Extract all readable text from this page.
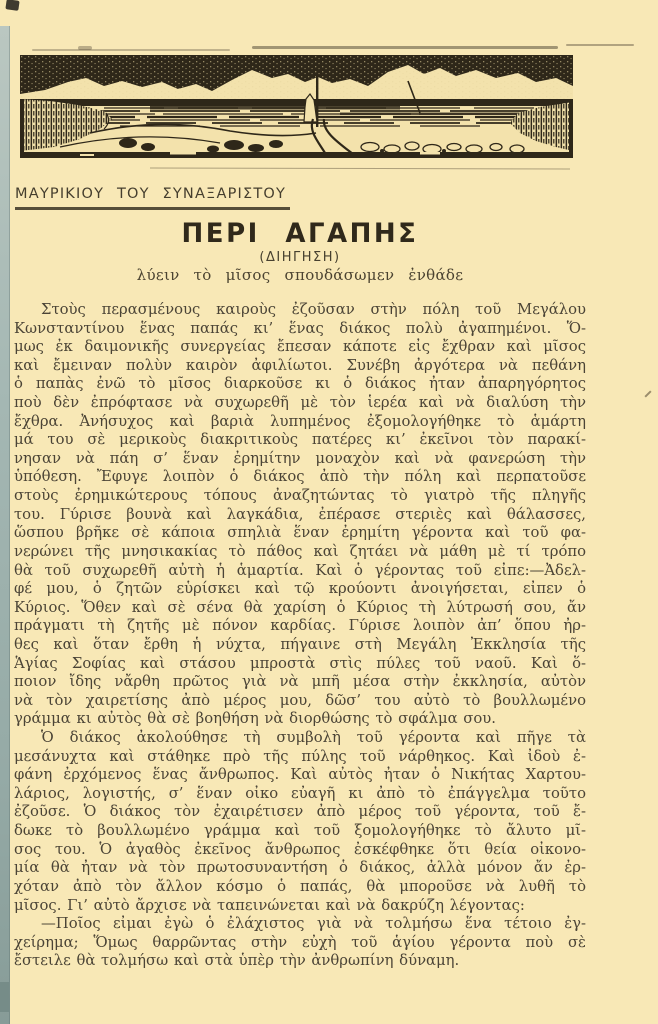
ΜΑΥΡΙΚΙΟΥ ΤΟΥ ΣΥΝΑΞΑΡΙΣΤΟΥ
ΠΕΡΙ ΑΓΑΠΗΣ
(ΔΙΗΓΗΣΗ)
λύειν τὸ μῖσος σπουδάσωμεν ἐνθάδε
Στοὺς περασμένους καιροὺς ἐζοῦσαν στὴν πόλη τοῦ Μεγάλου
Κωνσταντίνου ἕνας παπάς κι’ ἕνας διάκος πολὺ ἀγαπημένοι. Ὅ-
μως ἐκ δαιμονικῆς συνεργείας ἔπεσαν κάποτε εἰς ἔχθραν καὶ μῖσος
καὶ ἔμειναν πολὺν καιρὸν ἀφιλίωτοι. Συνέβη ἀργότερα νὰ πεθάνη
ὁ παπὰς ἐνῶ τὸ μῖσος διαρκοῦσε κι ὁ διάκος ἦταν ἀπαρηγόρητος
ποὺ δὲν ἐπρόφτασε νὰ συχωρεθῆ μὲ τὸν ἱερέα καὶ νὰ διαλύση τὴν
ἔχθρα. Ἀνήσυχος καὶ βαριὰ λυπημένος ἐξομολογήθηκε τὸ ἁμάρτη
μά του σὲ μερικοὺς διακριτικοὺς πατέρες κι’ ἐκεῖνοι τὸν παρακί-
νησαν νὰ πάη σ’ ἕναν ἐρημίτην μοναχὸν καὶ νὰ φανερώση τὴν
ὑπόθεση. Ἔφυγε λοιπὸν ὁ διάκος ἀπὸ τὴν πόλη καὶ περπατοῦσε
στοὺς ἐρημικώτερους τόπους ἀναζητώντας τὸ γιατρὸ τῆς πληγῆς
του. Γύρισε βουνὰ καὶ λαγκάδια, ἐπέρασε στεριὲς καὶ θάλασσες,
ὥσπου βρῆκε σὲ κάποια σπηλιὰ ἕναν ἐρημίτη γέροντα καὶ τοῦ φα-
νερώνει τῆς μνησικακίας τὸ πάθος καὶ ζητάει νὰ μάθη μὲ τί τρόπο
θὰ τοῦ συχωρεθῆ αὐτὴ ἡ ἁμαρτία. Καὶ ὁ γέροντας τοῦ εἶπε:—Ἀδελ-
φέ μου, ὁ ζητῶν εὑρίσκει καὶ τῷ κρούοντι ἀνοιγήσεται, εἶπεν ὁ
Κύριος. Ὅθεν καὶ σὲ σένα θὰ χαρίση ὁ Κύριος τὴ λύτρωσή σου, ἄν
πράγματι τὴ ζητῆς μὲ πόνον καρδίας. Γύρισε λοιπὸν ἀπ’ ὅπου ἦρ-
θες καὶ ὅταν ἔρθη ἡ νύχτα, πήγαινε στὴ Μεγάλη Ἐκκλησία τῆς
Ἁγίας Σοφίας καὶ στάσου μπροστὰ στὶς πύλες τοῦ ναοῦ. Καὶ ὅ-
ποιον ἴδης νἄρθη πρῶτος γιὰ νὰ μπῆ μέσα στὴν ἐκκλησία, αὐτὸν
νὰ τὸν χαιρετίσης ἀπὸ μέρος μου, δῶσ’ του αὐτὸ τὸ βουλλωμένο
γράμμα κι αὐτὸς θὰ σὲ βοηθήση νὰ διορθώσης τὸ σφάλμα σου.
Ὁ διάκος ἀκολούθησε τὴ συμβολὴ τοῦ γέροντα καὶ πῆγε τὰ
μεσάνυχτα καὶ στάθηκε πρὸ τῆς πύλης τοῦ νάρθηκος. Καὶ ἰδοὺ ἐ-
φάνη ἐρχόμενος ἕνας ἄνθρωπος. Καὶ αὐτὸς ἦταν ὁ Νικήτας Χαρτου-
λάριος, λογιστής, σ’ ἕναν οἶκο εὐαγῆ κι ἀπὸ τὸ ἐπάγγελμα τοῦτο
ἐζοῦσε. Ὁ διάκος τὸν ἐχαιρέτισεν ἀπὸ μέρος τοῦ γέροντα, τοῦ ἔ-
δωκε τὸ βουλλωμένο γράμμα καὶ τοῦ ξομολογήθηκε τὸ ἄλυτο μῖ-
σος του. Ὁ ἀγαθὸς ἐκεῖνος ἄνθρωπος ἐσκέφθηκε ὅτι θεία οἰκονο-
μία θὰ ἦταν νὰ τὸν πρωτοσυναντήση ὁ διάκος, ἀλλὰ μόνον ἄν ἐρ-
χόταν ἀπὸ τὸν ἄλλον κόσμο ὁ παπάς, θὰ μποροῦσε νὰ λυθῆ τὸ
μῖσος. Γι’ αὐτὸ ἄρχισε νὰ ταπεινώνεται καὶ νὰ δακρύζη λέγοντας:
—Ποῖος εἶμαι ἐγὼ ὁ ἐλάχιστος γιὰ νὰ τολμήσω ἕνα τέτοιο ἐγ-
χείρημα; Ὅμως θαρρῶντας στὴν εὐχὴ τοῦ ἁγίου γέροντα ποὺ σὲ
ἔστειλε θὰ τολμήσω καὶ στὰ ὑπὲρ τὴν ἀνθρωπίνη δύναμη.
